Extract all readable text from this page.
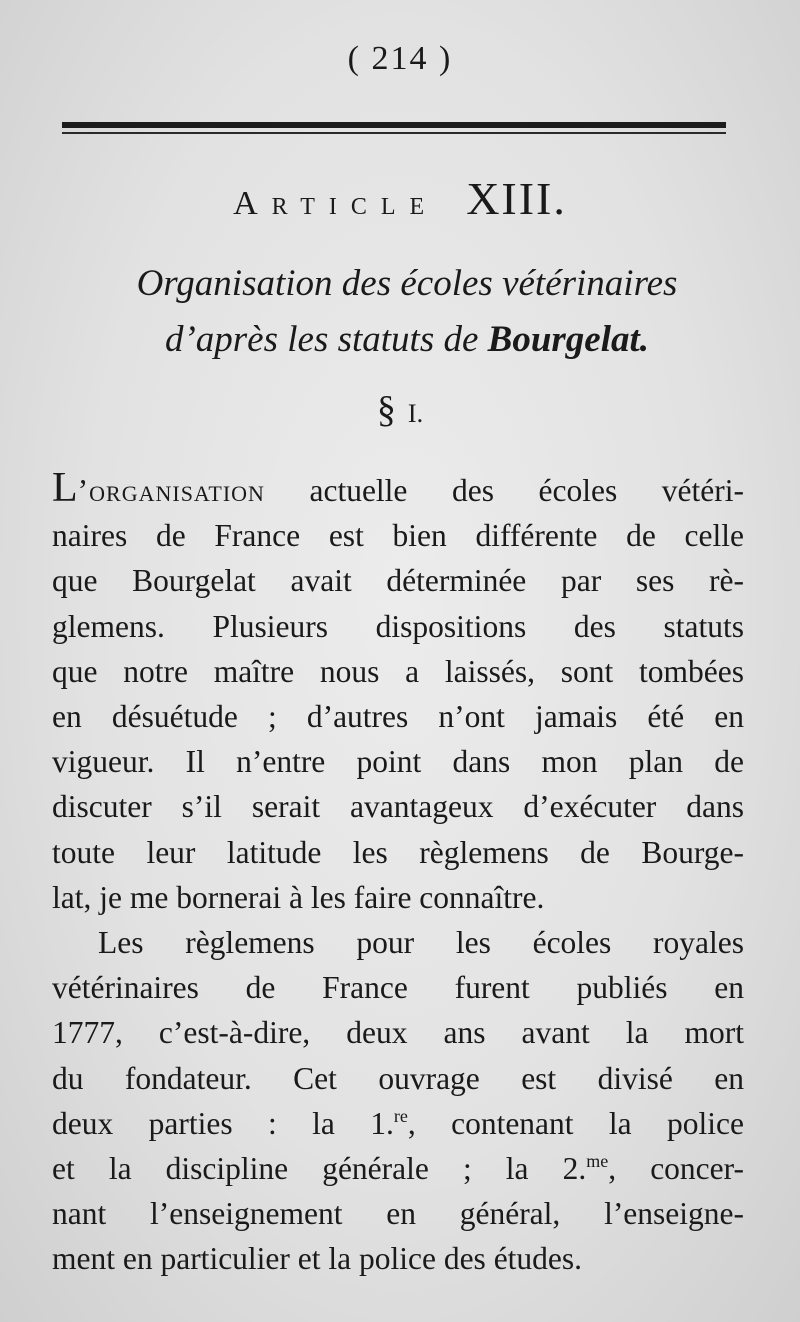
( 214 )
Article XIII.
Organisation des écoles vétérinaires
d’après les statuts de Bourgelat.
§ I.
L’organisation actuelle des écoles vétéri-
naires de France est bien différente de celle
que Bourgelat avait déterminée par ses rè-
glemens. Plusieurs dispositions des statuts
que notre maître nous a laissés, sont tombées
en désuétude ; d’autres n’ont jamais été en
vigueur. Il n’entre point dans mon plan de
discuter s’il serait avantageux d’exécuter dans
toute leur latitude les règlemens de Bourge-
lat, je me bornerai à les faire connaître.
Les règlemens pour les écoles royales
vétérinaires de France furent publiés en
1777, c’est-à-dire, deux ans avant la mort
du fondateur. Cet ouvrage est divisé en
deux parties : la 1.$^{re}$, contenant la police
et la discipline générale ; la 2.$^{me}$, concer-
nant l’enseignement en général, l’enseigne-
ment en particulier et la police des études.
